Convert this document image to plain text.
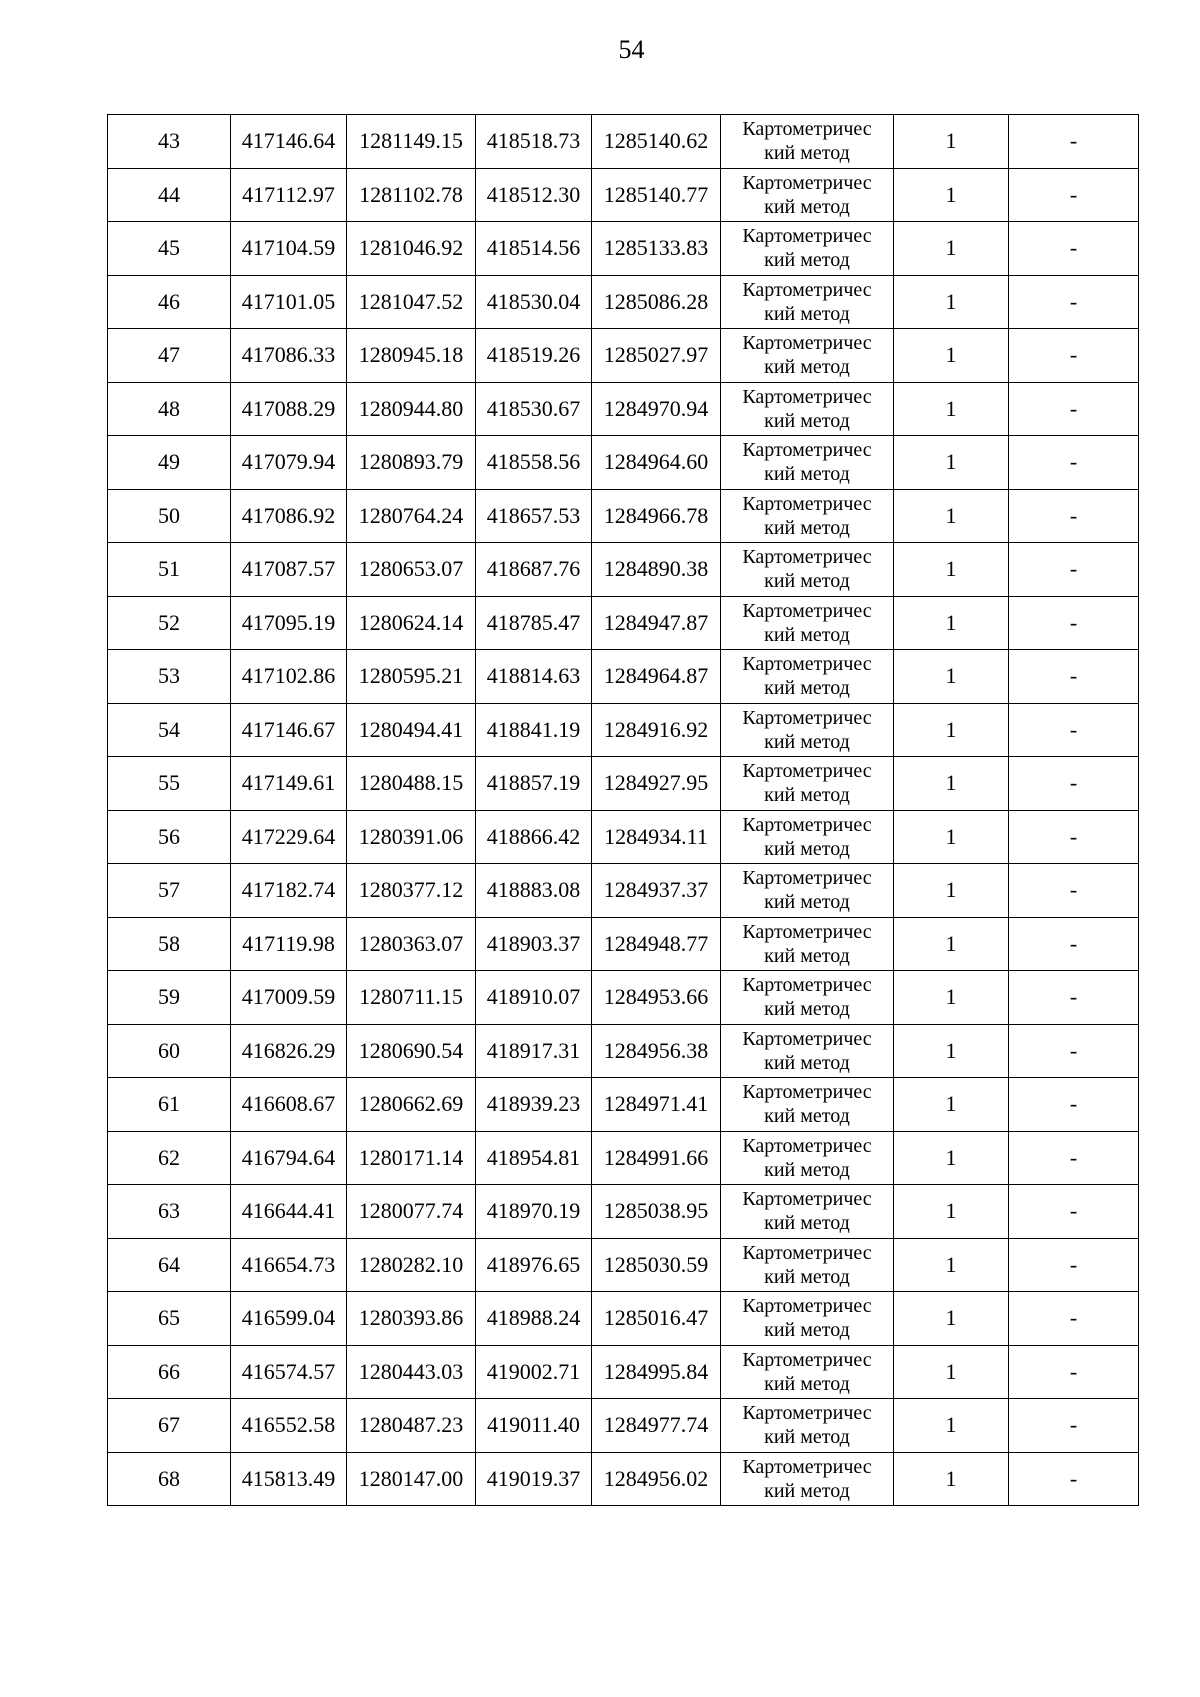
54
43	417146.64	1281149.15	418518.73	1285140.62	Картометричес
кий метод	1	-
44	417112.97	1281102.78	418512.30	1285140.77	Картометричес
кий метод	1	-
45	417104.59	1281046.92	418514.56	1285133.83	Картометричес
кий метод	1	-
46	417101.05	1281047.52	418530.04	1285086.28	Картометричес
кий метод	1	-
47	417086.33	1280945.18	418519.26	1285027.97	Картометричес
кий метод	1	-
48	417088.29	1280944.80	418530.67	1284970.94	Картометричес
кий метод	1	-
49	417079.94	1280893.79	418558.56	1284964.60	Картометричес
кий метод	1	-
50	417086.92	1280764.24	418657.53	1284966.78	Картометричес
кий метод	1	-
51	417087.57	1280653.07	418687.76	1284890.38	Картометричес
кий метод	1	-
52	417095.19	1280624.14	418785.47	1284947.87	Картометричес
кий метод	1	-
53	417102.86	1280595.21	418814.63	1284964.87	Картометричес
кий метод	1	-
54	417146.67	1280494.41	418841.19	1284916.92	Картометричес
кий метод	1	-
55	417149.61	1280488.15	418857.19	1284927.95	Картометричес
кий метод	1	-
56	417229.64	1280391.06	418866.42	1284934.11	Картометричес
кий метод	1	-
57	417182.74	1280377.12	418883.08	1284937.37	Картометричес
кий метод	1	-
58	417119.98	1280363.07	418903.37	1284948.77	Картометричес
кий метод	1	-
59	417009.59	1280711.15	418910.07	1284953.66	Картометричес
кий метод	1	-
60	416826.29	1280690.54	418917.31	1284956.38	Картометричес
кий метод	1	-
61	416608.67	1280662.69	418939.23	1284971.41	Картометричес
кий метод	1	-
62	416794.64	1280171.14	418954.81	1284991.66	Картометричес
кий метод	1	-
63	416644.41	1280077.74	418970.19	1285038.95	Картометричес
кий метод	1	-
64	416654.73	1280282.10	418976.65	1285030.59	Картометричес
кий метод	1	-
65	416599.04	1280393.86	418988.24	1285016.47	Картометричес
кий метод	1	-
66	416574.57	1280443.03	419002.71	1284995.84	Картометричес
кий метод	1	-
67	416552.58	1280487.23	419011.40	1284977.74	Картометричес
кий метод	1	-
68	415813.49	1280147.00	419019.37	1284956.02	Картометричес
кий метод	1	-
